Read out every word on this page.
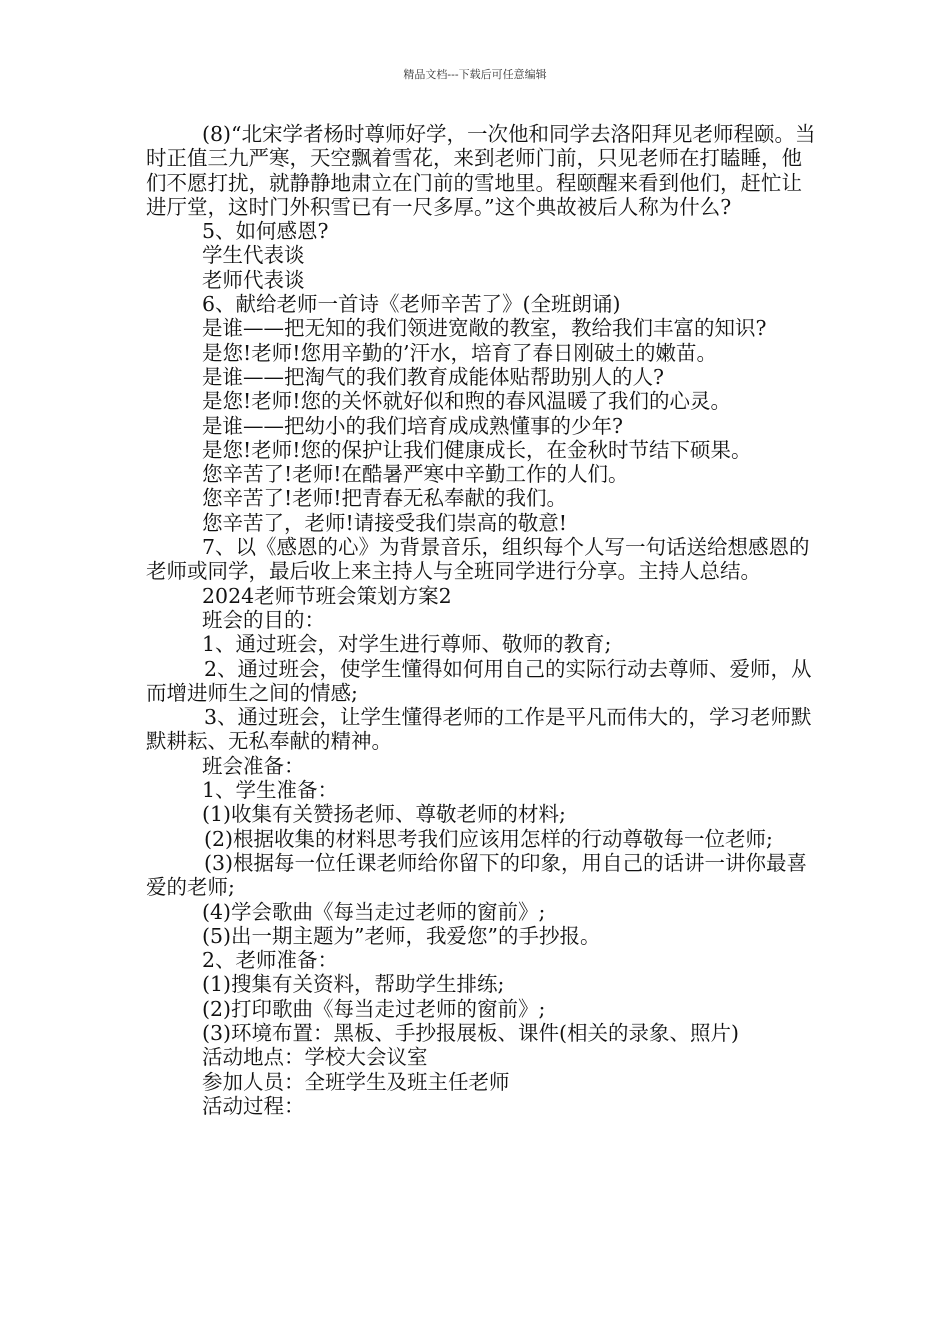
精品文档---下载后可任意编辑

(8)“北宋学者杨时尊师好学，一次他和同学去洛阳拜见老师程颐。当时正值三九严寒，天空飘着雪花，来到老师门前，只见老师在打瞌睡，他们不愿打扰，就静静地肃立在门前的雪地里。程颐醒来看到他们，赶忙让进厅堂，这时门外积雪已有一尺多厚。”这个典故被后人称为什么?

5、如何感恩?

学生代表谈

老师代表谈

6、献给老师一首诗《老师辛苦了》(全班朗诵)

是谁——把无知的我们领进宽敞的教室，教给我们丰富的知识?

是您!老师!您用辛勤的’汗水，培育了春日刚破土的嫩苗。

是谁——把淘气的我们教育成能体贴帮助别人的人?

是您!老师!您的关怀就好似和煦的春风温暖了我们的心灵。

是谁——把幼小的我们培育成成熟懂事的少年?

是您!老师!您的保护让我们健康成长，在金秋时节结下硕果。

您辛苦了!老师!在酷暑严寒中辛勤工作的人们。

您辛苦了!老师!把青春无私奉献的我们。

您辛苦了，老师!请接受我们崇高的敬意!

7、以《感恩的心》为背景音乐，组织每个人写一句话送给想感恩的老师或同学，最后收上来主持人与全班同学进行分享。主持人总结。

2024老师节班会策划方案2

班会的目的：

1、通过班会，对学生进行尊师、敬师的教育;

2、通过班会，使学生懂得如何用自己的实际行动去尊师、爱师，从而增进师生之间的情感;

3、通过班会，让学生懂得老师的工作是平凡而伟大的，学习老师默默耕耘、无私奉献的精神。

班会准备：

1、学生准备：

(1)收集有关赞扬老师、尊敬老师的材料;

(2)根据收集的材料思考我们应该用怎样的行动尊敬每一位老师;

(3)根据每一位任课老师给你留下的印象，用自己的话讲一讲你最喜爱的老师;

(4)学会歌曲《每当走过老师的窗前》;

(5)出一期主题为”老师，我爱您”的手抄报。

2、老师准备：

(1)搜集有关资料，帮助学生排练;

(2)打印歌曲《每当走过老师的窗前》;

(3)环境布置：黑板、手抄报展板、课件(相关的录象、照片)

活动地点：学校大会议室

参加人员：全班学生及班主任老师

活动过程：
